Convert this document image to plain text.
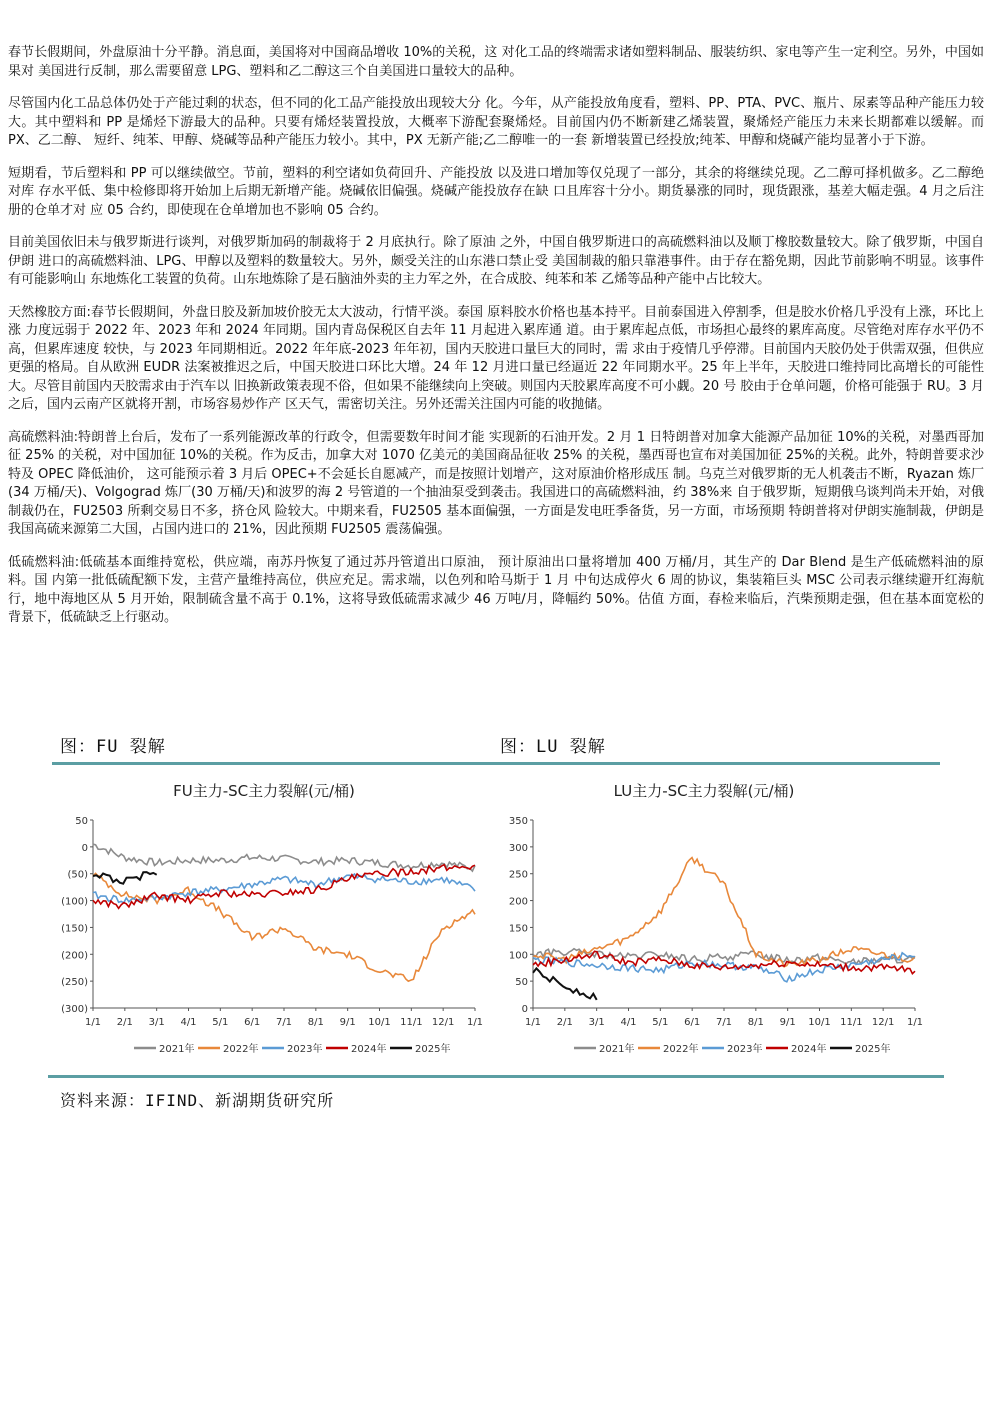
春节长假期间，外盘原油十分平静。消息面，美国将对中国商品增收 10%的关税，这 对化工品的终端需求诸如塑料制品、服装纺织、家电等产生一定利空。另外，中国如果对 美国进行反制，那么需要留意 LPG、塑料和乙二醇这三个自美国进口量较大的品种。

尽管国内化工品总体仍处于产能过剩的状态，但不同的化工品产能投放出现较大分 化。今年，从产能投放角度看，塑料、PP、PTA、PVC、瓶片、尿素等品种产能压力较大。其中塑料和 PP 是烯烃下游最大的品种。只要有烯烃装置投放，大概率下游配套聚烯烃。目前国内仍不断新建乙烯装置，聚烯烃产能压力未来长期都难以缓解。而 PX、乙二醇、 短纤、纯苯、甲醇、烧碱等品种产能压力较小。其中，PX 无新产能;乙二醇唯一的一套 新增装置已经投放;纯苯、甲醇和烧碱产能均显著小于下游。

短期看，节后塑料和 PP 可以继续做空。节前，塑料的利空诸如负荷回升、产能投放 以及进口增加等仅兑现了一部分，其余的将继续兑现。乙二醇可择机做多。乙二醇绝对库 存水平低、集中检修即将开始加上后期无新增产能。烧碱依旧偏强。烧碱产能投放存在缺 口且库容十分小。期货暴涨的同时，现货跟涨，基差大幅走强。4 月之后注册的仓单才对 应 05 合约，即使现在仓单增加也不影响 05 合约。

目前美国依旧未与俄罗斯进行谈判，对俄罗斯加码的制裁将于 2 月底执行。除了原油 之外，中国自俄罗斯进口的高硫燃料油以及顺丁橡胶数量较大。除了俄罗斯，中国自伊朗 进口的高硫燃料油、LPG、甲醇以及塑料的数量较大。另外，颇受关注的山东港口禁止受 美国制裁的船只靠港事件。由于存在豁免期，因此节前影响不明显。该事件有可能影响山 东地炼化工装置的负荷。山东地炼除了是石脑油外卖的主力军之外，在合成胶、纯苯和苯 乙烯等品种产能中占比较大。

天然橡胶方面:春节长假期间，外盘日胶及新加坡价胶无太大波动，行情平淡。泰国 原料胶水价格也基本持平。目前泰国进入停割季，但是胶水价格几乎没有上涨，环比上涨 力度远弱于 2022 年、2023 年和 2024 年同期。国内青岛保税区自去年 11 月起进入累库通 道。由于累库起点低，市场担心最终的累库高度。尽管绝对库存水平仍不高，但累库速度 较快，与 2023 年同期相近。2022 年年底-2023 年年初，国内天胶进口量巨大的同时，需 求由于疫情几乎停滞。目前国内天胶仍处于供需双强，但供应更强的格局。自从欧洲 EUDR 法案被推迟之后，中国天胶进口环比大增。24 年 12 月进口量已经逼近 22 年同期水平。25 年上半年，天胶进口维持同比高增长的可能性大。尽管目前国内天胶需求由于汽车以 旧换新政策表现不俗，但如果不能继续向上突破。则国内天胶累库高度不可小觑。20 号 胶由于仓单问题，价格可能强于 RU。3 月之后，国内云南产区就将开割，市场容易炒作产 区天气，需密切关注。另外还需关注国内可能的收抛储。

高硫燃料油:特朗普上台后，发布了一系列能源改革的行政令，但需要数年时间才能 实现新的石油开发。2 月 1 日特朗普对加拿大能源产品加征 10%的关税，对墨西哥加征 25% 的关税，对中国加征 10%的关税。作为反击，加拿大对 1070 亿美元的美国商品征收 25% 的关税，墨西哥也宣布对美国加征 25%的关税。此外，特朗普要求沙特及 OPEC 降低油价， 这可能预示着 3 月后 OPEC+不会延长自愿减产，而是按照计划增产，这对原油价格形成压 制。乌克兰对俄罗斯的无人机袭击不断，Ryazan 炼厂(34 万桶/天)、Volgograd 炼厂(30 万桶/天)和波罗的海 2 号管道的一个抽油泵受到袭击。我国进口的高硫燃料油，约 38%来 自于俄罗斯，短期俄乌谈判尚未开始，对俄制裁仍在，FU2503 所剩交易日不多，挤仓风 险较大。中期来看，FU2505 基本面偏强，一方面是发电旺季备货，另一方面，市场预期 特朗普将对伊朗实施制裁，伊朗是我国高硫来源第二大国，占国内进口的 21%，因此预期 FU2505 震荡偏强。

低硫燃料油:低硫基本面维持宽松，供应端，南苏丹恢复了通过苏丹管道出口原油， 预计原油出口量将增加 400 万桶/月，其生产的 Dar Blend 是生产低硫燃料油的原料。国 内第一批低硫配额下发，主营产量维持高位，供应充足。需求端，以色列和哈马斯于 1 月 中旬达成停火 6 周的协议，集装箱巨头 MSC 公司表示继续避开红海航行，地中海地区从 5 月开始，限制硫含量不高于 0.1%，这将导致低硫需求减少 46 万吨/月，降幅约 50%。估值 方面，春检来临后，汽柴预期走强，但在基本面宽松的背景下，低硫缺乏上行驱动。

图：FU 裂解	图：LU 裂解
FU主力-SC主力裂解(元/桶)
50
0
(50)
(100)
(150)
(200)
(250)
(300)
1/1 2/1 3/1 4/1 5/1 6/1 7/1 8/1 9/1 10/1 11/1 12/1 1/1
2021年	2022年	2023年	2024年	2025年
LU主力-SC主力裂解(元/桶)
350
300
250
200
150
100
50
0
1/1 2/1 3/1 4/1 5/1 6/1 7/1 8/1 9/1 10/1 11/1 12/1 1/1
2021年	2022年	2023年	2024年	2025年
资料来源：IFIND、新湖期货研究所
